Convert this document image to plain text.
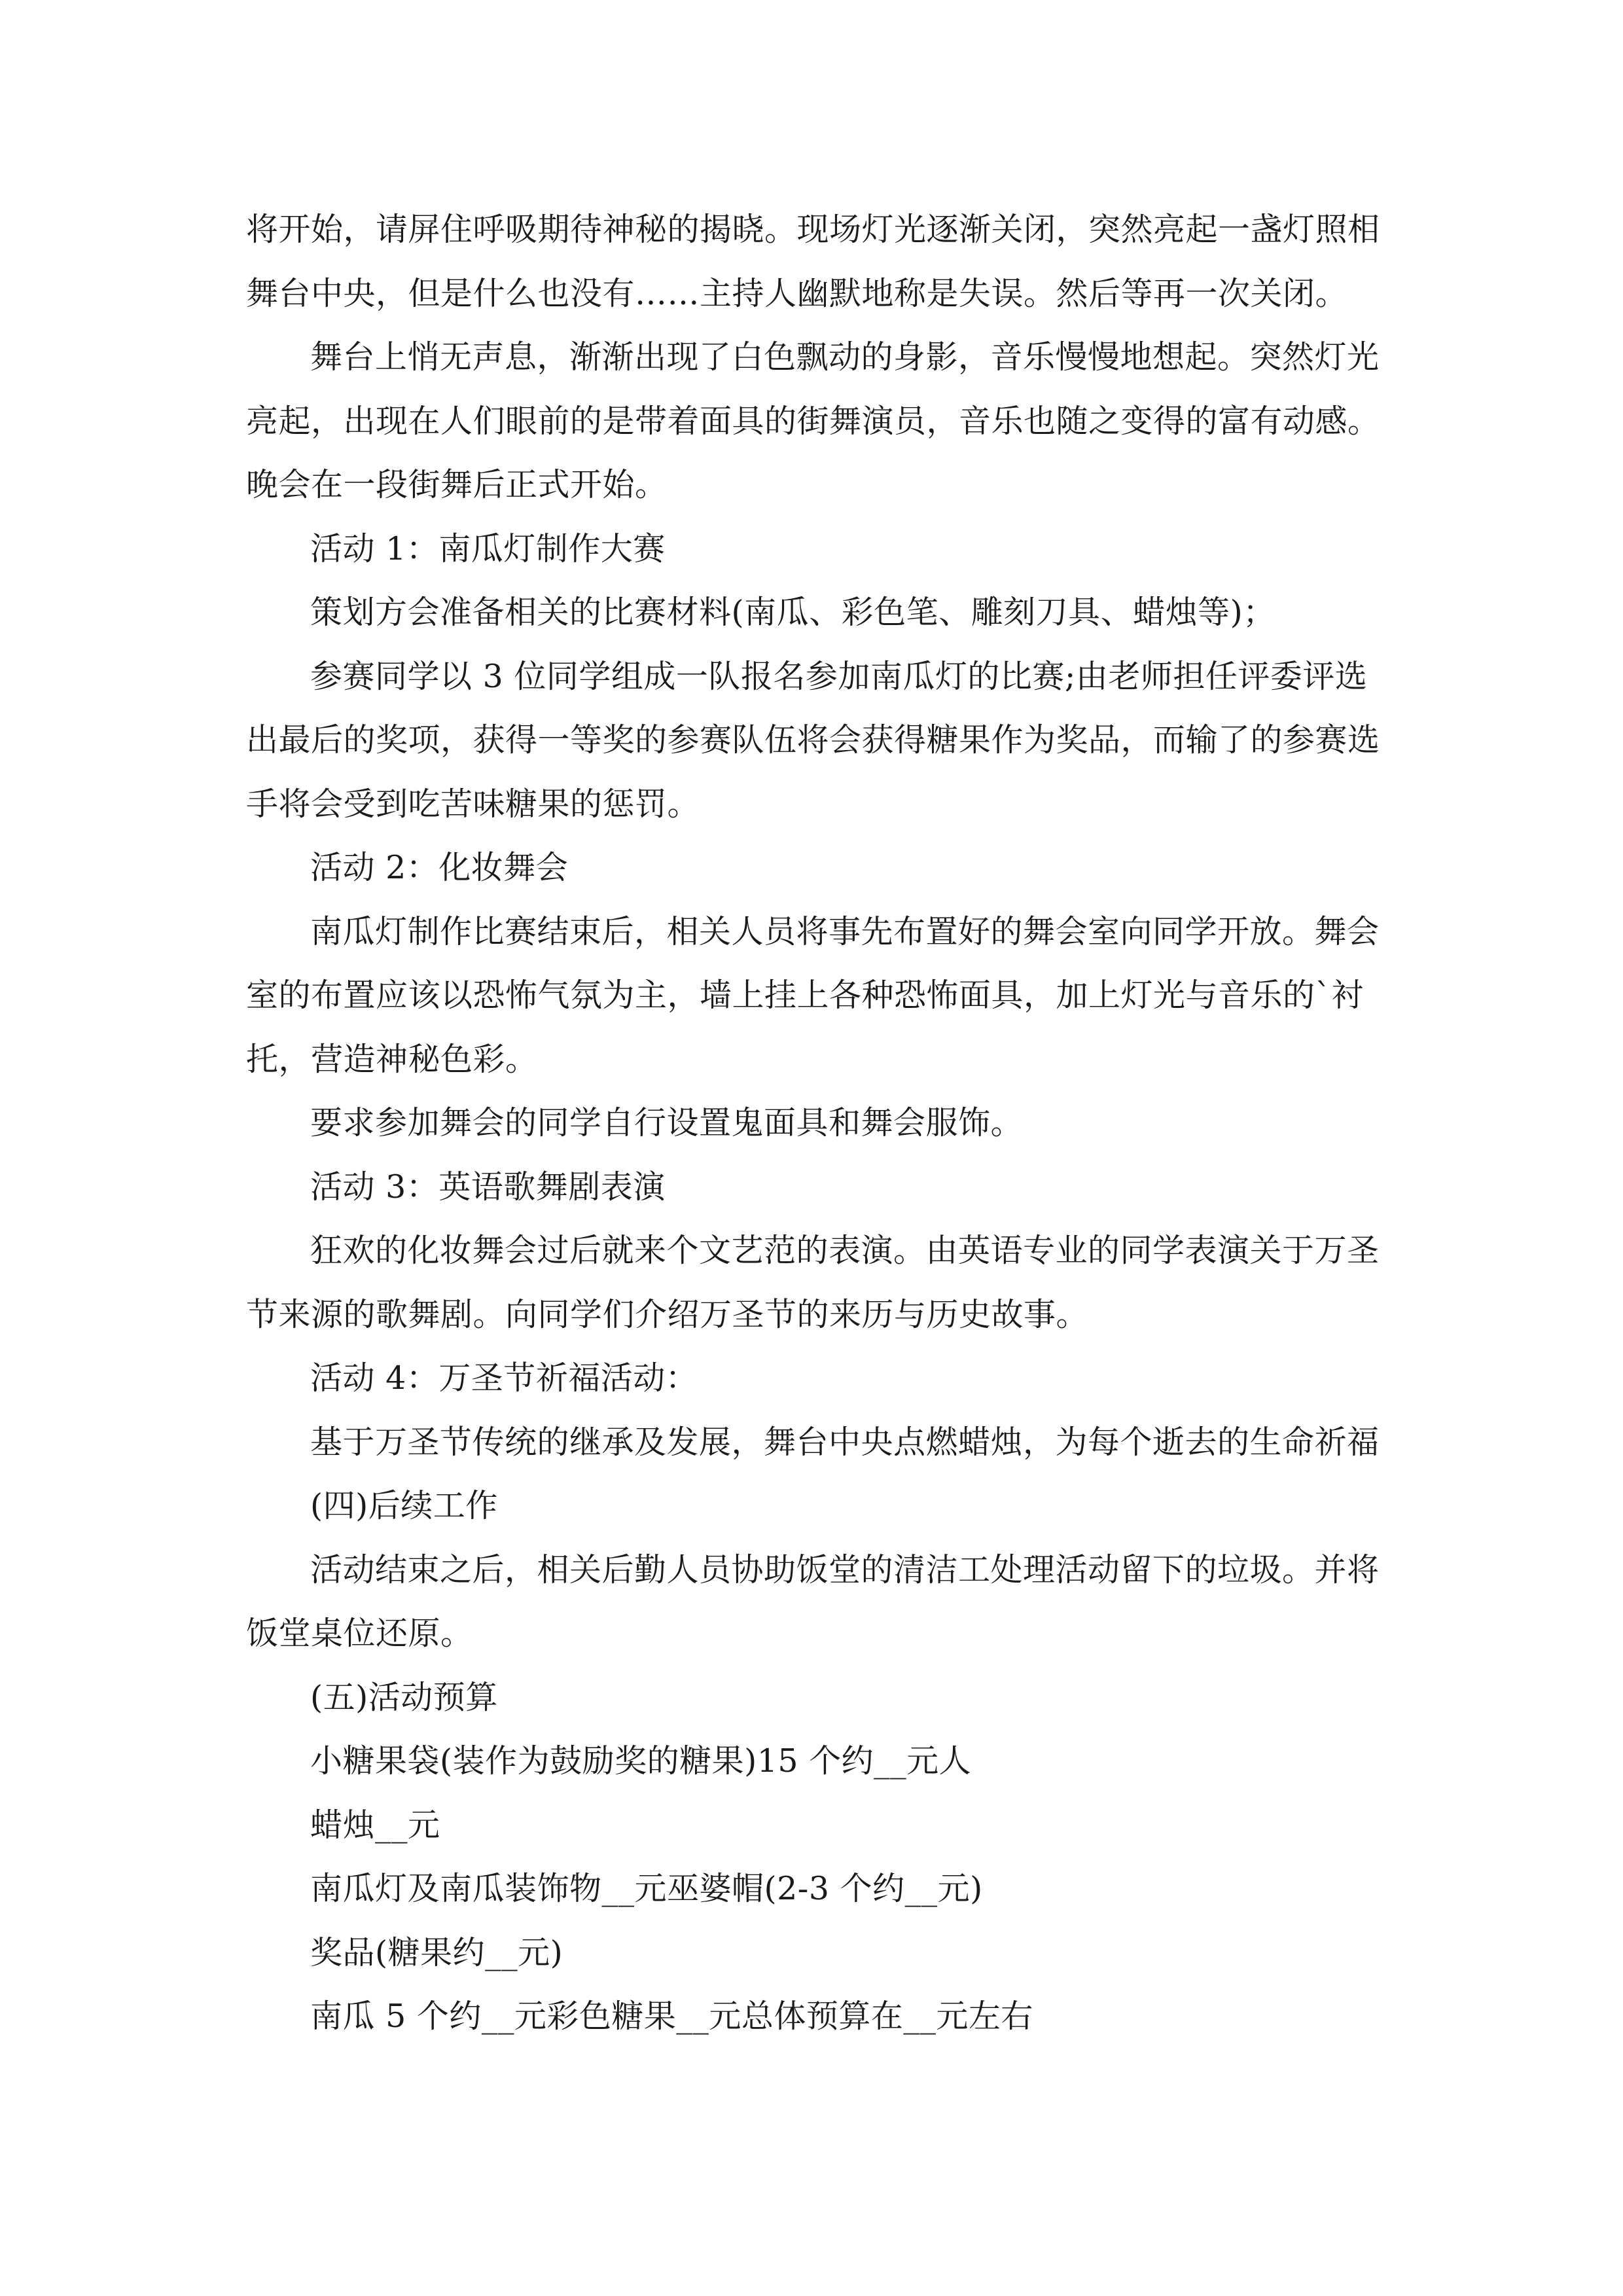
将开始，请屏住呼吸期待神秘的揭晓。现场灯光逐渐关闭，突然亮起一盏灯照相舞台中央，但是什么也没有……主持人幽默地称是失误。然后等再一次关闭。

舞台上悄无声息，渐渐出现了白色飘动的身影，音乐慢慢地想起。突然灯光亮起，出现在人们眼前的是带着面具的街舞演员，音乐也随之变得的富有动感。晚会在一段街舞后正式开始。

活动 1：南瓜灯制作大赛

策划方会准备相关的比赛材料(南瓜、彩色笔、雕刻刀具、蜡烛等)；

参赛同学以 3 位同学组成一队报名参加南瓜灯的比赛;由老师担任评委评选出最后的奖项，获得一等奖的参赛队伍将会获得糖果作为奖品，而输了的参赛选手将会受到吃苦味糖果的惩罚。

活动 2：化妆舞会

南瓜灯制作比赛结束后，相关人员将事先布置好的舞会室向同学开放。舞会室的布置应该以恐怖气氛为主，墙上挂上各种恐怖面具，加上灯光与音乐的`衬托，营造神秘色彩。

要求参加舞会的同学自行设置鬼面具和舞会服饰。

活动 3：英语歌舞剧表演

狂欢的化妆舞会过后就来个文艺范的表演。由英语专业的同学表演关于万圣节来源的歌舞剧。向同学们介绍万圣节的来历与历史故事。

活动 4：万圣节祈福活动：

基于万圣节传统的继承及发展，舞台中央点燃蜡烛，为每个逝去的生命祈福

(四)后续工作

活动结束之后，相关后勤人员协助饭堂的清洁工处理活动留下的垃圾。并将饭堂桌位还原。

(五)活动预算

小糖果袋(装作为鼓励奖的糖果)15 个约__元人

蜡烛__元

南瓜灯及南瓜装饰物__元巫婆帽(2-3 个约__元)

奖品(糖果约__元)

南瓜 5 个约__元彩色糖果__元总体预算在__元左右
